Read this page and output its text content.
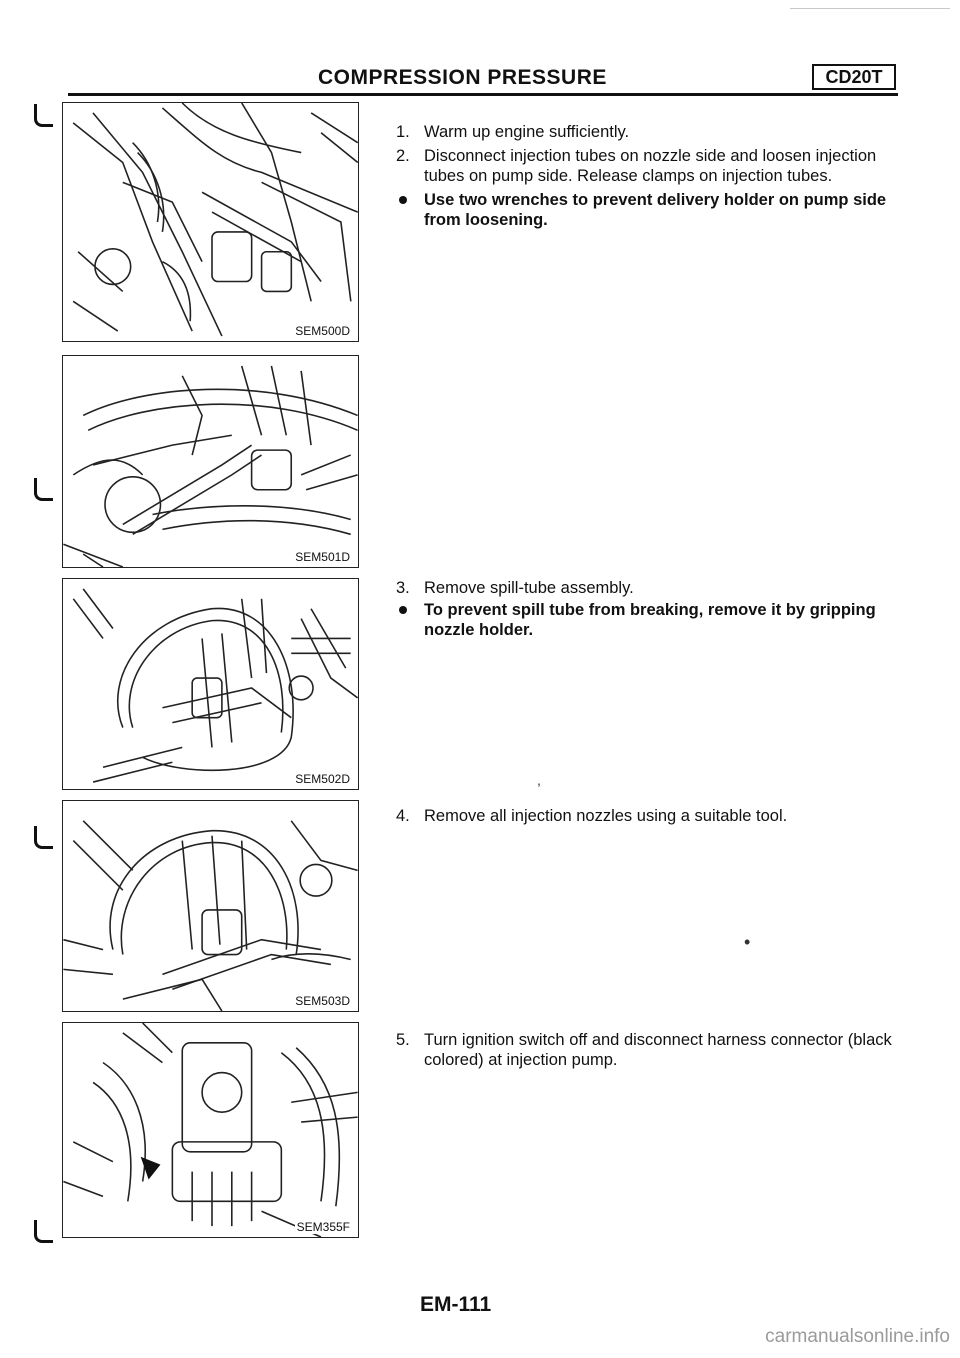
COMPRESSION PRESSURE	CD20T
SEM500D
SEM501D
SEM502D
SEM503D
SEM355F
1. Warm up engine sufficiently.
2. Disconnect injection tubes on nozzle side and loosen injection tubes on pump side. Release clamps on injection tubes.
Use two wrenches to prevent delivery holder on pump side from loosening.
3. Remove spill-tube assembly.
To prevent spill tube from breaking, remove it by gripping nozzle holder.
,
4. Remove all injection nozzles using a suitable tool.
•
5. Turn ignition switch off and disconnect harness connector (black colored) at injection pump.
EM-111
carmanualsonline.info
